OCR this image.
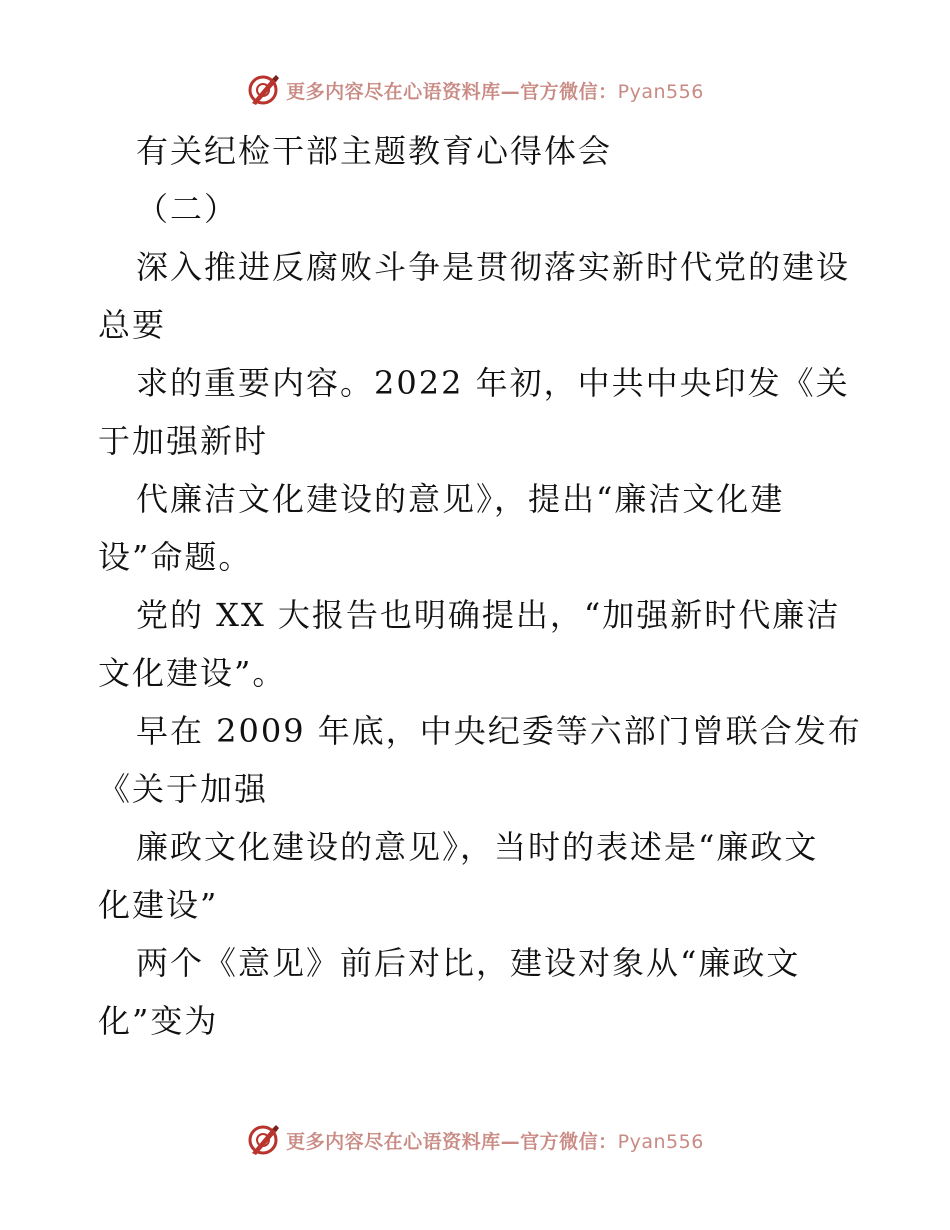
更多内容尽在心语资料库—官方微信：Pyan556
有关纪检干部主题教育心得体会
（二）
深入推进反腐败斗争是贯彻落实新时代党的建设
总要
求的重要内容。2022 年初，中共中央印发《关
于加强新时
代廉洁文化建设的意见》，提出“廉洁文化建
设”命题。
党的 XX 大报告也明确提出，“加强新时代廉洁
文化建设”。
早在 2009 年底，中央纪委等六部门曾联合发布
《关于加强
廉政文化建设的意见》，当时的表述是“廉政文
化建设”
两个《意见》前后对比，建设对象从“廉政文
化”变为
更多内容尽在心语资料库—官方微信：Pyan556
